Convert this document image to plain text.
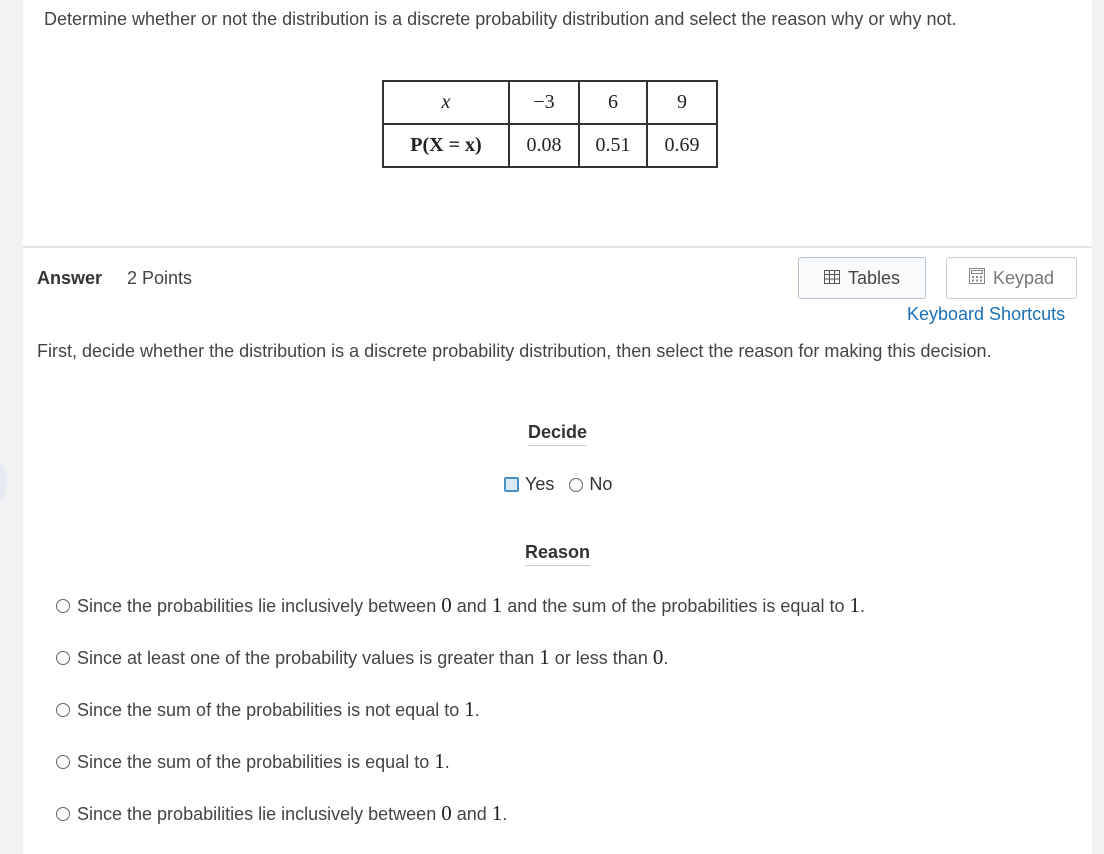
Determine whether or not the distribution is a discrete probability distribution and select the reason why or why not.
x	−3	6	9
P(X = x)	0.08	0.51	0.69
Answer 2 Points	Tables	Keypad
Keyboard Shortcuts
First, decide whether the distribution is a discrete probability distribution, then select the reason for making this decision.
Decide
Yes No
Reason
Since the probabilities lie inclusively between 0 and 1 and the sum of the probabilities is equal to 1.
Since at least one of the probability values is greater than 1 or less than 0.
Since the sum of the probabilities is not equal to 1.
Since the sum of the probabilities is equal to 1.
Since the probabilities lie inclusively between 0 and 1.
